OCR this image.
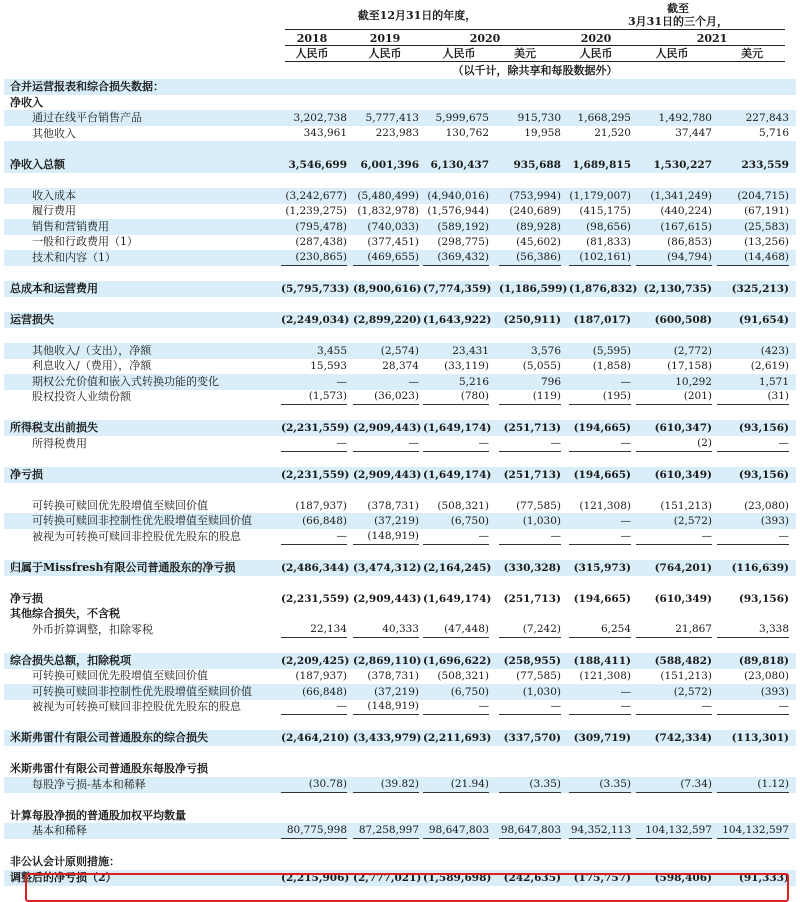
截至12月31日的年度，
截至
3月31日的三个月，
2018	2019	2020	2020	2021
人民币	人民币	人民币	美元	人民币	人民币	美元
（以千计，除共享和每股数据外）
合并运营报表和综合损失数据：
净收入
通过在线平台销售产品	3,202,738	5,777,413	5,999,675	915,730	1,668,295	1,492,780	227,843
其他收入	343,961	223,983	130,762	19,958	21,520	37,447	5,716
净收入总额	3,546,699	6,001,396	6,130,437	935,688	1,689,815	1,530,227	233,559
收入成本	(3,242,677) (5,480,499) (4,940,016)	(753,994) (1,179,007)	(1,341,249)	(204,715)
履行费用	(1,239,275) (1,832,978) (1,576,944)	(240,689)	(415,175)	(440,224)	(67,191)
销售和营销费用	(795,478)	(740,033)	(589,192)	(89,928)	(98,656)	(167,615)	(25,583)
一般和行政费用（1）	(287,438)	(377,451)	(298,775)	(45,602)	(81,833)	(86,853)	(13,256)
技术和内容（1）	(230,865)	(469,655)	(369,432)	(56,386)	(102,161)	(94,794)	(14,468)
总成本和运营费用	(5,795,733) (8,900,616) (7,774,359) (1,186,599) (1,876,832) (2,130,735)	(325,213)
运营损失	(2,249,034) (2,899,220) (1,643,922)	(250,911)	(187,017)	(600,508)	(91,654)
其他收入/（支出），净额	3,455	(2,574)	23,431	3,576	(5,595)	(2,772)	(423)
利息收入/（费用），净额	15,593	28,374	(33,119)	(5,055)	(1,858)	(17,158)	(2,619)
期权公允价值和嵌入式转换功能的变化	—	—	5,216	796	—	10,292	1,571
股权投资人业绩份额	(1,573)	(36,023)	(780)	(119)	(195)	(201)	(31)
所得税支出前损失	(2,231,559) (2,909,443) (1,649,174)	(251,713)	(194,665)	(610,347)	(93,156)
所得税费用	—	—	—	—	—	(2)	—
净亏损	(2,231,559) (2,909,443) (1,649,174)	(251,713)	(194,665)	(610,349)	(93,156)
可转换可赎回优先股增值至赎回价值	(187,937)	(378,731)	(508,321)	(77,585)	(121,308)	(151,213)	(23,080)
可转换可赎回非控制性优先股增值至赎回价值	(66,848)	(37,219)	(6,750)	(1,030)	—	(2,572)	(393)
被视为可转换可赎回非控股优先股东的股息	—	(148,919)	—	—	—	—	—
归属于Missfresh有限公司普通股东的净亏损	(2,486,344) (3,474,312) (2,164,245)	(330,328)	(315,973)	(764,201)	(116,639)
净亏损	(2,231,559) (2,909,443) (1,649,174)	(251,713)	(194,665)	(610,349)	(93,156)
其他综合损失，不含税
外币折算调整，扣除零税	22,134	40,333	(47,448)	(7,242)	6,254	21,867	3,338
综合损失总额，扣除税项	(2,209,425) (2,869,110) (1,696,622)	(258,955)	(188,411)	(588,482)	(89,818)
可转换可赎回优先股增值至赎回价值	(187,937)	(378,731)	(508,321)	(77,585)	(121,308)	(151,213)	(23,080)
可转换可赎回非控制性优先股增值至赎回价值	(66,848)	(37,219)	(6,750)	(1,030)	—	(2,572)	(393)
被视为可转换可赎回非控股优先股东的股息	—	(148,919)	—	—	—	—	—
米斯弗雷什有限公司普通股东的综合损失	(2,464,210) (3,433,979) (2,211,693)	(337,570)	(309,719)	(742,334)	(113,301)
米斯弗雷什有限公司普通股东每股净亏损
每股净亏损-基本和稀释	(30.78)	(39.82)	(21.94)	(3.35)	(3.35)	(7.34)	(1.12)
计算每股净损的普通股加权平均数量
基本和稀释	80,775,998	87,258,997 98,647,803 98,647,803 94,352,113	104,132,597 104,132,597
非公认会计原则措施：
调整后的净亏损（2）	(2,215,906) (2,777,021) (1,589,698)	(242,635)	(175,757)	(598,406)	(91,333)
